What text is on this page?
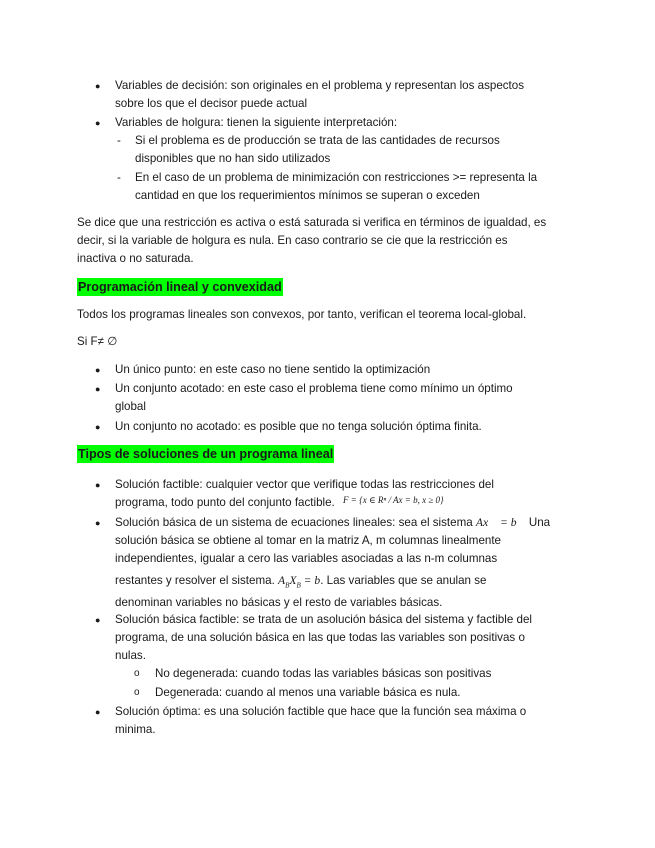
● Variables de decisión: son originales en el problema y representan los aspectos
sobre los que el decisor puede actual
● Variables de holgura: tienen la siguiente interpretación:
- Si el problema es de producción se trata de las cantidades de recursos
disponibles que no han sido utilizados
- En el caso de un problema de minimización con restricciones >= representa la
cantidad en que los requerimientos mínimos se superan o exceden
Se dice que una restricción es activa o está saturada si verifica en términos de igualdad, es
decir, si la variable de holgura es nula. En caso contrario se cie que la restricción es
inactiva o no saturada.
Programación lineal y convexidad
Todos los programas lineales son convexos, por tanto, verifican el teorema local-global.
Si F≠ ∅
● Un único punto: en este caso no tiene sentido la optimización
● Un conjunto acotado: en este caso el problema tiene como mínimo un óptimo
global
● Un conjunto no acotado: es posible que no tenga solución óptima finita.
Tipos de soluciones de un programa lineal
● Solución factible: cualquier vector que verifique todas las restricciones del
programa, todo punto del conjunto factible. $^{F = \{x \in R^n / Ax = b, x \ge 0\}}$
● Solución básica de un sistema de ecuaciones lineales: sea el sistema Ax⃗ = b⃗ Una
solución básica se obtiene al tomar en la matriz A, m columnas linealmente
independientes, igualar a cero las variables asociadas a las n-m columnas
restantes y resolver el sistema. $A_BX_B = b$. Las variables que se anulan se
denominan variables no básicas y el resto de variables básicas.
● Solución básica factible: se trata de un asolución básica del sistema y factible del
programa, de una solución básica en las que todas las variables son positivas o
nulas.
o No degenerada: cuando todas las variables básicas son positivas
o Degenerada: cuando al menos una variable básica es nula.
● Solución óptima: es una solución factible que hace que la función sea máxima o
minima.
